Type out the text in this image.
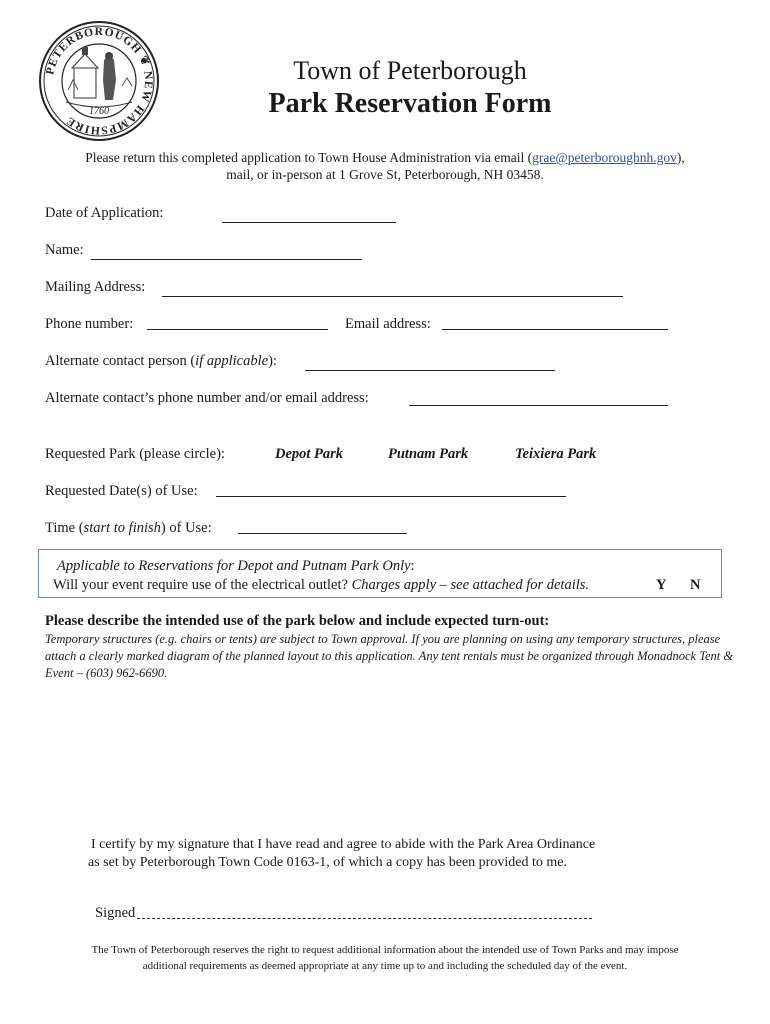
PETERBOROUGH ❦ NEW HAMPSHIRE
1760
Town of Peterborough
Park Reservation Form
Please return this completed application to Town House Administration via email (grae@peterboroughnh.gov),
mail, or in-person at 1 Grove St, Peterborough, NH 03458.
Date of Application:
Name:
Mailing Address:
Phone number:	Email address:
Alternate contact person (if applicable):
Alternate contact’s phone number and/or email address:
Requested Park (please circle):	Depot Park	Putnam Park	Teixiera Park
Requested Date(s) of Use:
Time (start to finish) of Use:
Applicable to Reservations for Depot and Putnam Park Only:
Will your event require use of the electrical outlet? Charges apply – see attached for details.	Y N
Please describe the intended use of the park below and include expected turn-out:
Temporary structures (e.g. chairs or tents) are subject to Town approval. If you are planning on using any temporary structures, please attach a clearly marked diagram of the planned layout to this application. Any tent rentals must be organized through Monadnock Tent & Event – (603) 962-6690.
I certify by my signature that I have read and agree to abide with the Park Area Ordinance
as set by Peterborough Town Code 0163-1, of which a copy has been provided to me.
Signed
The Town of Peterborough reserves the right to request additional information about the intended use of Town Parks and may impose
additional requirements as deemed appropriate at any time up to and including the scheduled day of the event.
